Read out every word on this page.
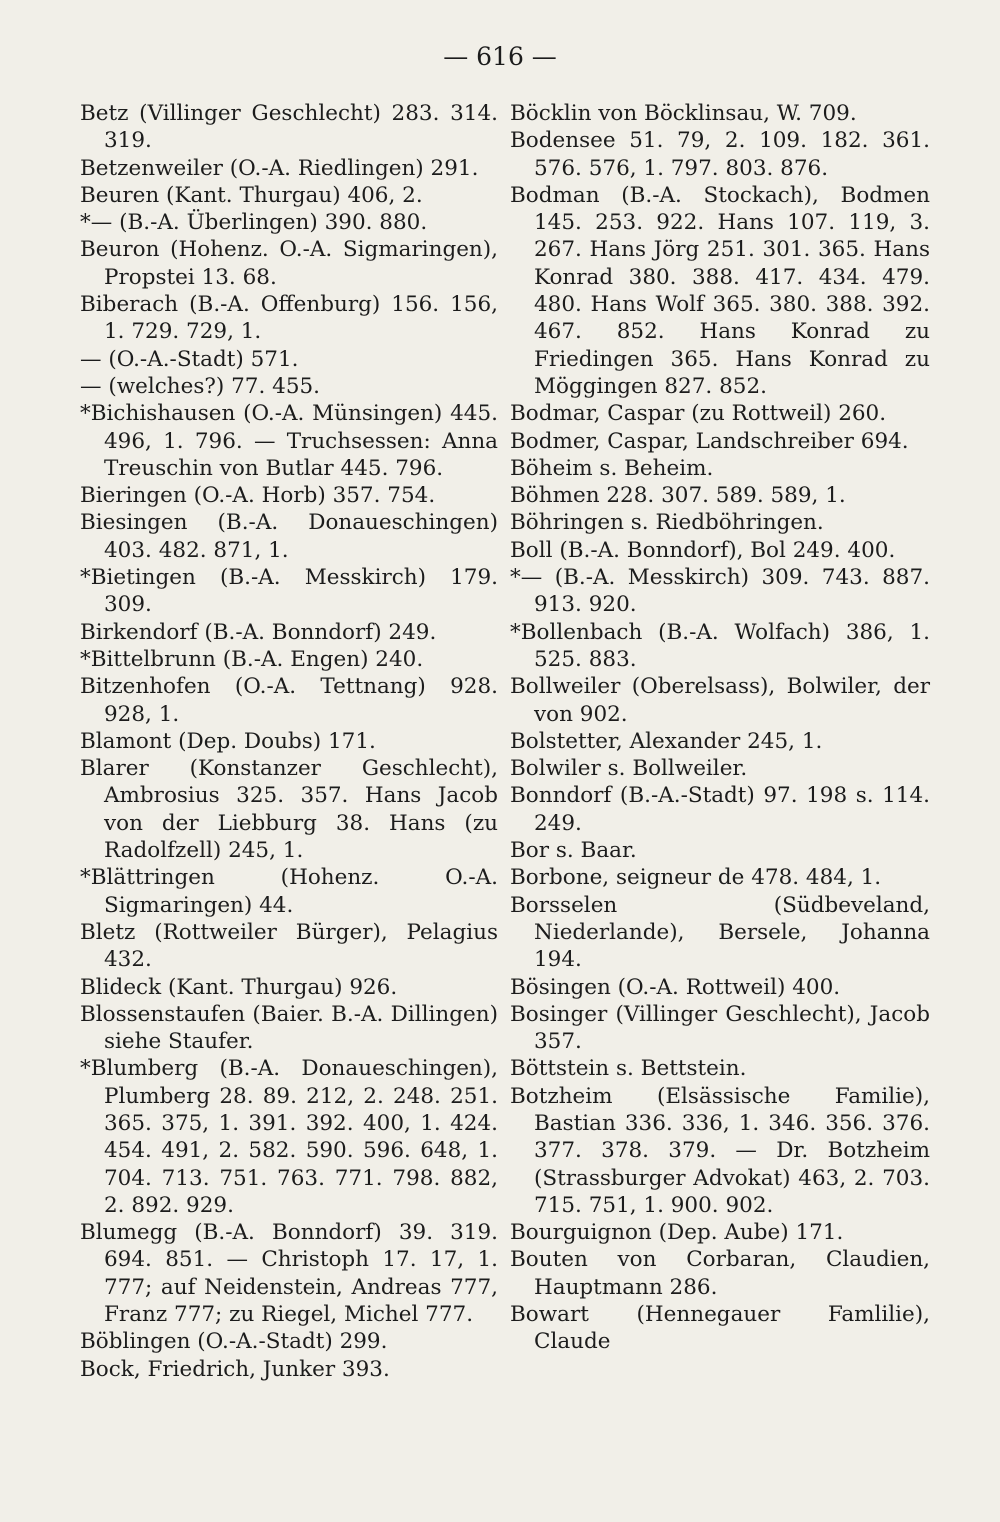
— 616 —

Betz (Villinger Geschlecht) 283. 314. 319.

Betzenweiler (O.-A. Riedlingen) 291.

Beuren (Kant. Thurgau) 406, 2.

*— (B.-A. Überlingen) 390. 880.

Beuron (Hohenz. O.-A. Sigmaringen), Propstei 13. 68.

Biberach (B.-A. Offenburg) 156. 156, 1. 729. 729, 1.

— (O.-A.-Stadt) 571.

— (welches?) 77. 455.

*Bichishausen (O.-A. Münsingen) 445. 496, 1. 796. — Truchsessen: Anna Treuschin von Butlar 445. 796.

Bieringen (O.-A. Horb) 357. 754.

Biesingen (B.-A. Donaueschingen) 403. 482. 871, 1.

*Bietingen (B.-A. Messkirch) 179. 309.

Birkendorf (B.-A. Bonndorf) 249.

*Bittelbrunn (B.-A. Engen) 240.

Bitzenhofen (O.-A. Tettnang) 928. 928, 1.

Blamont (Dep. Doubs) 171.

Blarer (Konstanzer Geschlecht), Ambrosius 325. 357. Hans Jacob von der Liebburg 38. Hans (zu Radolfzell) 245, 1.

*Blättringen (Hohenz. O.-A. Sigmaringen) 44.

Bletz (Rottweiler Bürger), Pelagius 432.

Blideck (Kant. Thurgau) 926.

Blossenstaufen (Baier. B.-A. Dillingen) siehe Staufer.

*Blumberg (B.-A. Donaueschingen), Plumberg 28. 89. 212, 2. 248. 251. 365. 375, 1. 391. 392. 400, 1. 424. 454. 491, 2. 582. 590. 596. 648, 1. 704. 713. 751. 763. 771. 798. 882, 2. 892. 929.

Blumegg (B.-A. Bonndorf) 39. 319. 694. 851. — Christoph 17. 17, 1. 777; auf Neidenstein, Andreas 777, Franz 777; zu Riegel, Michel 777.

Böblingen (O.-A.-Stadt) 299.

Bock, Friedrich, Junker 393.

Böcklin von Böcklinsau, W. 709.

Bodensee 51. 79, 2. 109. 182. 361. 576. 576, 1. 797. 803. 876.

Bodman (B.-A. Stockach), Bodmen 145. 253. 922. Hans 107. 119, 3. 267. Hans Jörg 251. 301. 365. Hans Konrad 380. 388. 417. 434. 479. 480. Hans Wolf 365. 380. 388. 392. 467. 852. Hans Konrad zu Friedingen 365. Hans Konrad zu Möggingen 827. 852.

Bodmar, Caspar (zu Rottweil) 260.

Bodmer, Caspar, Landschreiber 694.

Böheim s. Beheim.

Böhmen 228. 307. 589. 589, 1.

Böhringen s. Riedböhringen.

Boll (B.-A. Bonndorf), Bol 249. 400.

*— (B.-A. Messkirch) 309. 743. 887. 913. 920.

*Bollenbach (B.-A. Wolfach) 386, 1. 525. 883.

Bollweiler (Oberelsass), Bolwiler, der von 902.

Bolstetter, Alexander 245, 1.

Bolwiler s. Bollweiler.

Bonndorf (B.-A.-Stadt) 97. 198 s. 114. 249.

Bor s. Baar.

Borbone, seigneur de 478. 484, 1.

Borsselen (Südbeveland, Niederlande), Bersele, Johanna 194.

Bösingen (O.-A. Rottweil) 400.

Bosinger (Villinger Geschlecht), Jacob 357.

Böttstein s. Bettstein.

Botzheim (Elsässische Familie), Bastian 336. 336, 1. 346. 356. 376. 377. 378. 379. — Dr. Botzheim (Strassburger Advokat) 463, 2. 703. 715. 751, 1. 900. 902.

Bourguignon (Dep. Aube) 171.

Bouten von Corbaran, Claudien, Hauptmann 286.

Bowart (Hennegauer Famlilie), Claude
